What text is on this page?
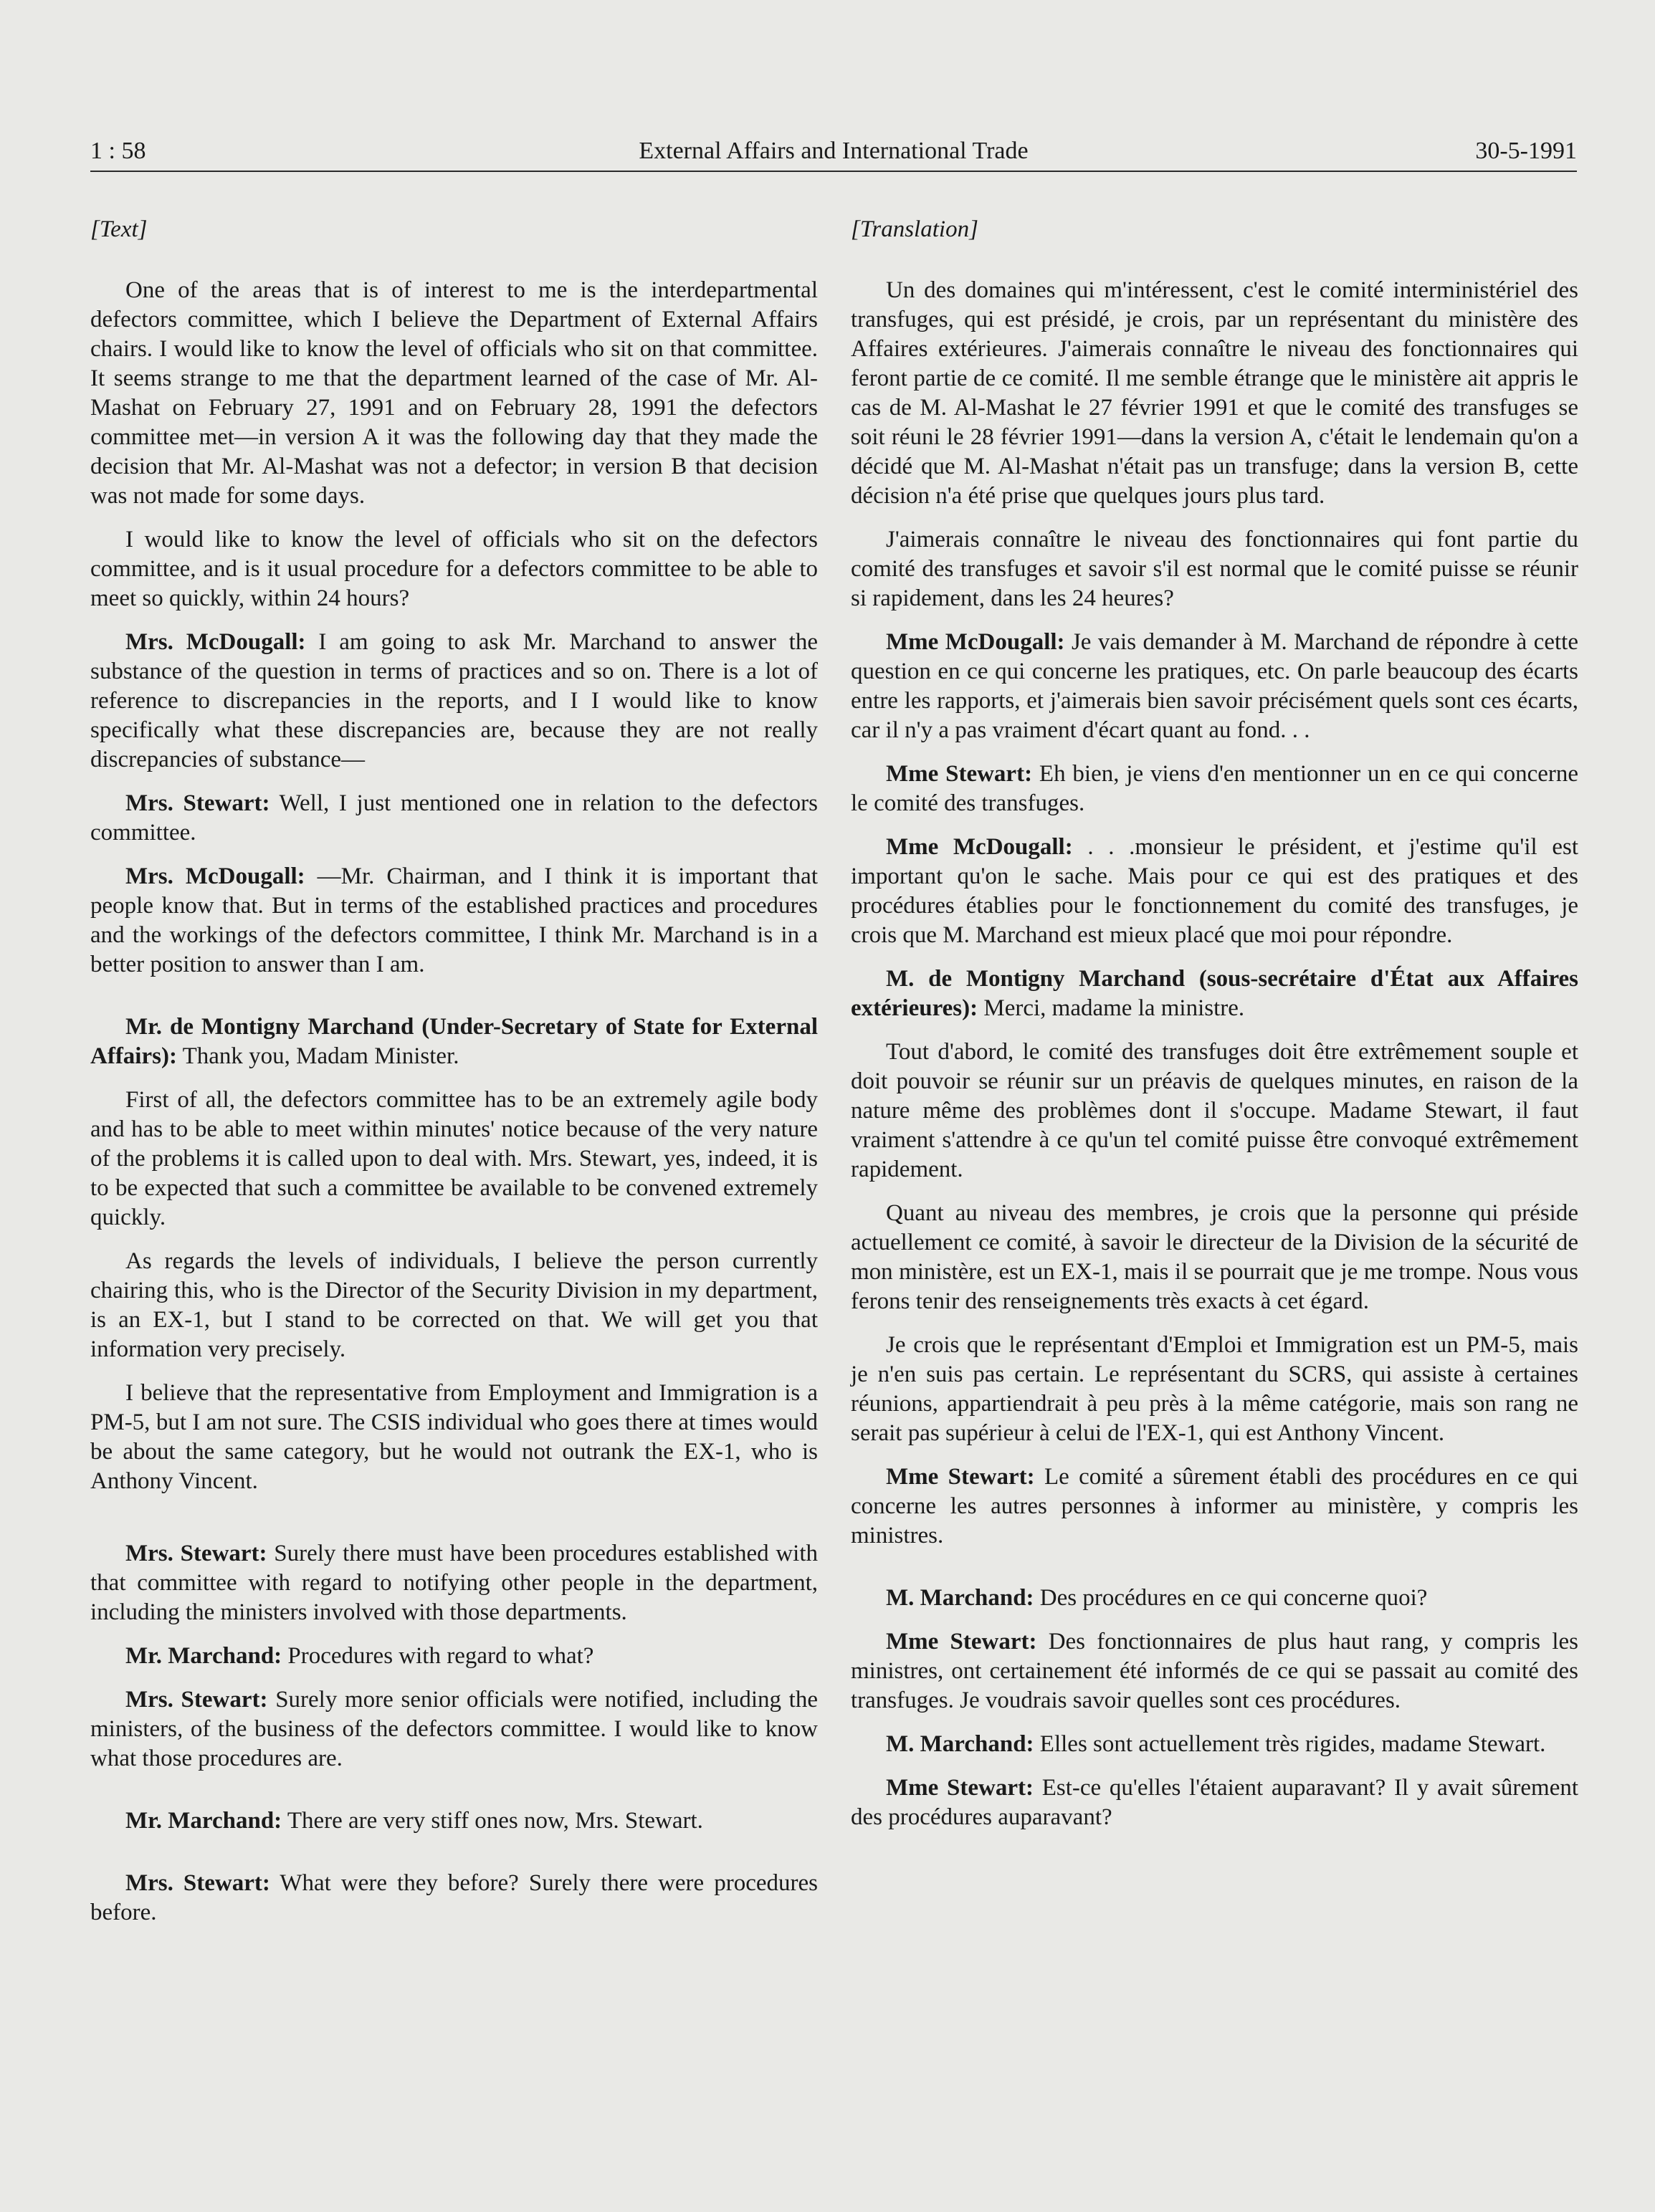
1 : 58	External Affairs and International Trade	30-5-1991

[Text]

One of the areas that is of interest to me is the interdepartmental defectors committee, which I believe the Department of External Affairs chairs. I would like to know the level of officials who sit on that committee. It seems strange to me that the department learned of the case of Mr. Al-Mashat on February 27, 1991 and on February 28, 1991 the defectors committee met—in version A it was the following day that they made the decision that Mr. Al-Mashat was not a defector; in version B that decision was not made for some days.

I would like to know the level of officials who sit on the defectors committee, and is it usual procedure for a defectors committee to be able to meet so quickly, within 24 hours?

Mrs. McDougall: I am going to ask Mr. Marchand to answer the substance of the question in terms of practices and so on. There is a lot of reference to discrepancies in the reports, and I I would like to know specifically what these discrepancies are, because they are not really discrepancies of substance—

Mrs. Stewart: Well, I just mentioned one in relation to the defectors committee.

Mrs. McDougall: —Mr. Chairman, and I think it is important that people know that. But in terms of the established practices and procedures and the workings of the defectors committee, I think Mr. Marchand is in a better position to answer than I am.

Mr. de Montigny Marchand (Under-Secretary of State for External Affairs): Thank you, Madam Minister.

First of all, the defectors committee has to be an extremely agile body and has to be able to meet within minutes' notice because of the very nature of the problems it is called upon to deal with. Mrs. Stewart, yes, indeed, it is to be expected that such a committee be available to be convened extremely quickly.

As regards the levels of individuals, I believe the person currently chairing this, who is the Director of the Security Division in my department, is an EX-1, but I stand to be corrected on that. We will get you that information very precisely.

I believe that the representative from Employment and Immigration is a PM-5, but I am not sure. The CSIS individual who goes there at times would be about the same category, but he would not outrank the EX-1, who is Anthony Vincent.

Mrs. Stewart: Surely there must have been procedures established with that committee with regard to notifying other people in the department, including the ministers involved with those departments.

Mr. Marchand: Procedures with regard to what?

Mrs. Stewart: Surely more senior officials were notified, including the ministers, of the business of the defectors committee. I would like to know what those procedures are.

Mr. Marchand: There are very stiff ones now, Mrs. Stewart.

Mrs. Stewart: What were they before? Surely there were procedures before.

[Translation]

Un des domaines qui m'intéressent, c'est le comité interministériel des transfuges, qui est présidé, je crois, par un représentant du ministère des Affaires extérieures. J'aimerais connaître le niveau des fonctionnaires qui feront partie de ce comité. Il me semble étrange que le ministère ait appris le cas de M. Al-Mashat le 27 février 1991 et que le comité des transfuges se soit réuni le 28 février 1991—dans la version A, c'était le lendemain qu'on a décidé que M. Al-Mashat n'était pas un transfuge; dans la version B, cette décision n'a été prise que quelques jours plus tard.

J'aimerais connaître le niveau des fonctionnaires qui font partie du comité des transfuges et savoir s'il est normal que le comité puisse se réunir si rapidement, dans les 24 heures?

Mme McDougall: Je vais demander à M. Marchand de répondre à cette question en ce qui concerne les pratiques, etc. On parle beaucoup des écarts entre les rapports, et j'aimerais bien savoir précisément quels sont ces écarts, car il n'y a pas vraiment d'écart quant au fond. . .

Mme Stewart: Eh bien, je viens d'en mentionner un en ce qui concerne le comité des transfuges.

Mme McDougall: . . .monsieur le président, et j'estime qu'il est important qu'on le sache. Mais pour ce qui est des pratiques et des procédures établies pour le fonctionnement du comité des transfuges, je crois que M. Marchand est mieux placé que moi pour répondre.

M. de Montigny Marchand (sous-secrétaire d'État aux Affaires extérieures): Merci, madame la ministre.

Tout d'abord, le comité des transfuges doit être extrêmement souple et doit pouvoir se réunir sur un préavis de quelques minutes, en raison de la nature même des problèmes dont il s'occupe. Madame Stewart, il faut vraiment s'attendre à ce qu'un tel comité puisse être convoqué extrêmement rapidement.

Quant au niveau des membres, je crois que la personne qui préside actuellement ce comité, à savoir le directeur de la Division de la sécurité de mon ministère, est un EX-1, mais il se pourrait que je me trompe. Nous vous ferons tenir des renseignements très exacts à cet égard.

Je crois que le représentant d'Emploi et Immigration est un PM-5, mais je n'en suis pas certain. Le représentant du SCRS, qui assiste à certaines réunions, appartiendrait à peu près à la même catégorie, mais son rang ne serait pas supérieur à celui de l'EX-1, qui est Anthony Vincent.

Mme Stewart: Le comité a sûrement établi des procédures en ce qui concerne les autres personnes à informer au ministère, y compris les ministres.

M. Marchand: Des procédures en ce qui concerne quoi?

Mme Stewart: Des fonctionnaires de plus haut rang, y compris les ministres, ont certainement été informés de ce qui se passait au comité des transfuges. Je voudrais savoir quelles sont ces procédures.

M. Marchand: Elles sont actuellement très rigides, madame Stewart.

Mme Stewart: Est-ce qu'elles l'étaient auparavant? Il y avait sûrement des procédures auparavant?
